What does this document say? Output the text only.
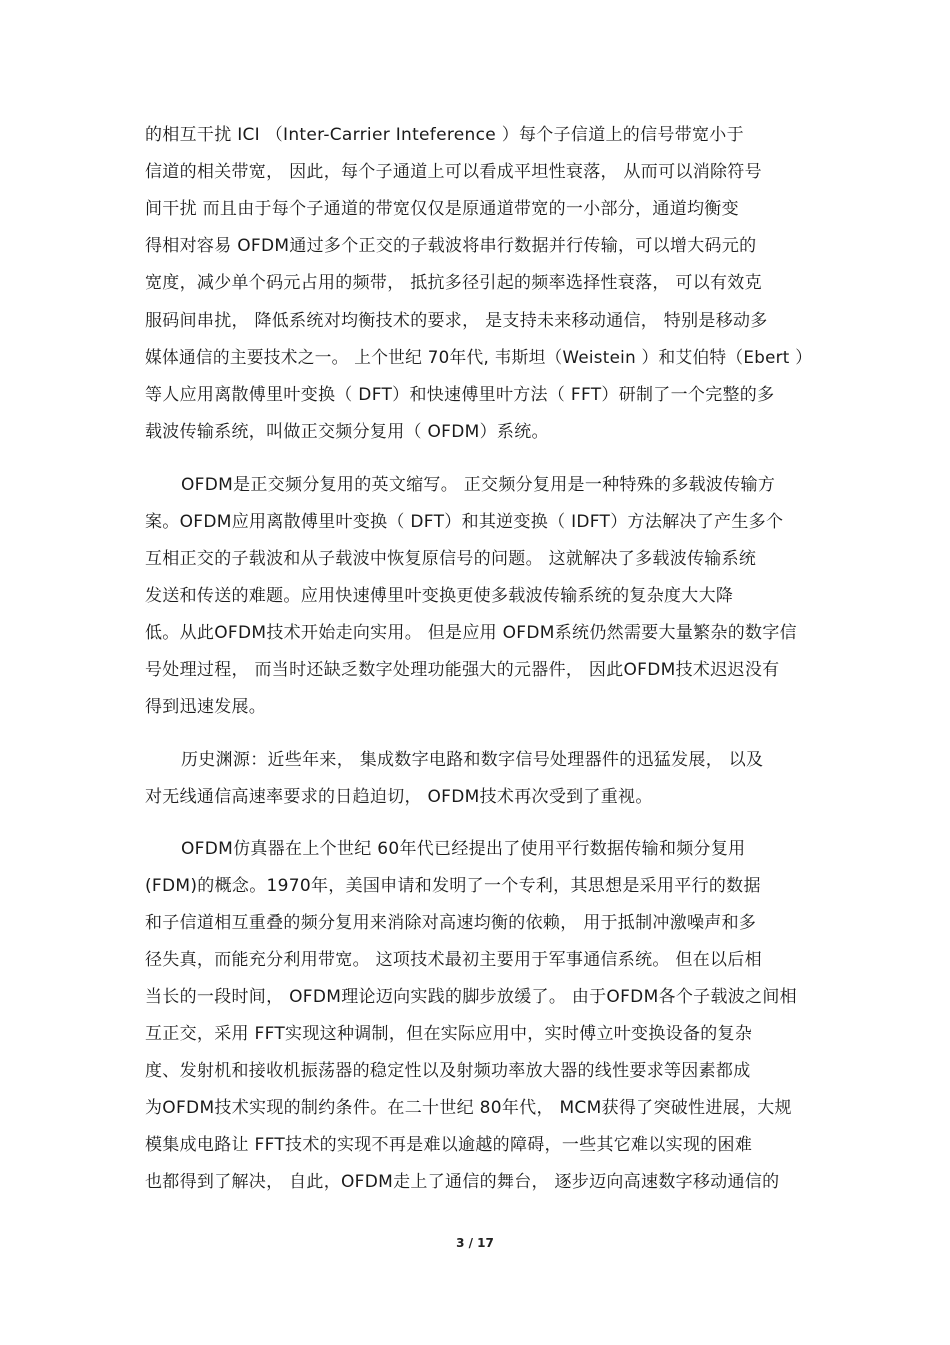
的相互干扰 ICI （Inter-Carrier Inteference ）每个子信道上的信号带宽小于
信道的相关带宽， 因此，每个子通道上可以看成平坦性衰落， 从而可以消除符号
间干扰 而且由于每个子通道的带宽仅仅是原通道带宽的一小部分，通道均衡变
得相对容易 OFDM通过多个正交的子载波将串行数据并行传输，可以增大码元的
宽度，减少单个码元占用的频带， 抵抗多径引起的频率选择性衰落， 可以有效克
服码间串扰， 降低系统对均衡技术的要求， 是支持未来移动通信， 特别是移动多
媒体通信的主要技术之一。 上个世纪 70年代, 韦斯坦（Weistein ）和艾伯特（Ebert ）
等人应用离散傅里叶变换（ DFT）和快速傅里叶方法（ FFT）研制了一个完整的多
载波传输系统，叫做正交频分复用（ OFDM）系统。
OFDM是正交频分复用的英文缩写。 正交频分复用是一种特殊的多载波传输方
案。OFDM应用离散傅里叶变换（ DFT）和其逆变换（ IDFT）方法解决了产生多个
互相正交的子载波和从子载波中恢复原信号的问题。 这就解决了多载波传输系统
发送和传送的难题。应用快速傅里叶变换更使多载波传输系统的复杂度大大降
低。从此OFDM技术开始走向实用。 但是应用 OFDM系统仍然需要大量繁杂的数字信
号处理过程， 而当时还缺乏数字处理功能强大的元器件， 因此OFDM技术迟迟没有
得到迅速发展。
历史渊源：近些年来， 集成数字电路和数字信号处理器件的迅猛发展， 以及
对无线通信高速率要求的日趋迫切， OFDM技术再次受到了重视。
OFDM仿真器在上个世纪 60年代已经提出了使用平行数据传输和频分复用
(FDM)的概念。1970年，美国申请和发明了一个专利，其思想是采用平行的数据
和子信道相互重叠的频分复用来消除对高速均衡的依赖， 用于抵制冲激噪声和多
径失真，而能充分利用带宽。 这项技术最初主要用于军事通信系统。 但在以后相
当长的一段时间， OFDM理论迈向实践的脚步放缓了。 由于OFDM各个子载波之间相
互正交，采用 FFT实现这种调制，但在实际应用中，实时傅立叶变换设备的复杂
度、发射机和接收机振荡器的稳定性以及射频功率放大器的线性要求等因素都成
为OFDM技术实现的制约条件。在二十世纪 80年代， MCM获得了突破性进展，大规
模集成电路让 FFT技术的实现不再是难以逾越的障碍，一些其它难以实现的困难
也都得到了解决， 自此，OFDM走上了通信的舞台， 逐步迈向高速数字移动通信的
3 / 17
